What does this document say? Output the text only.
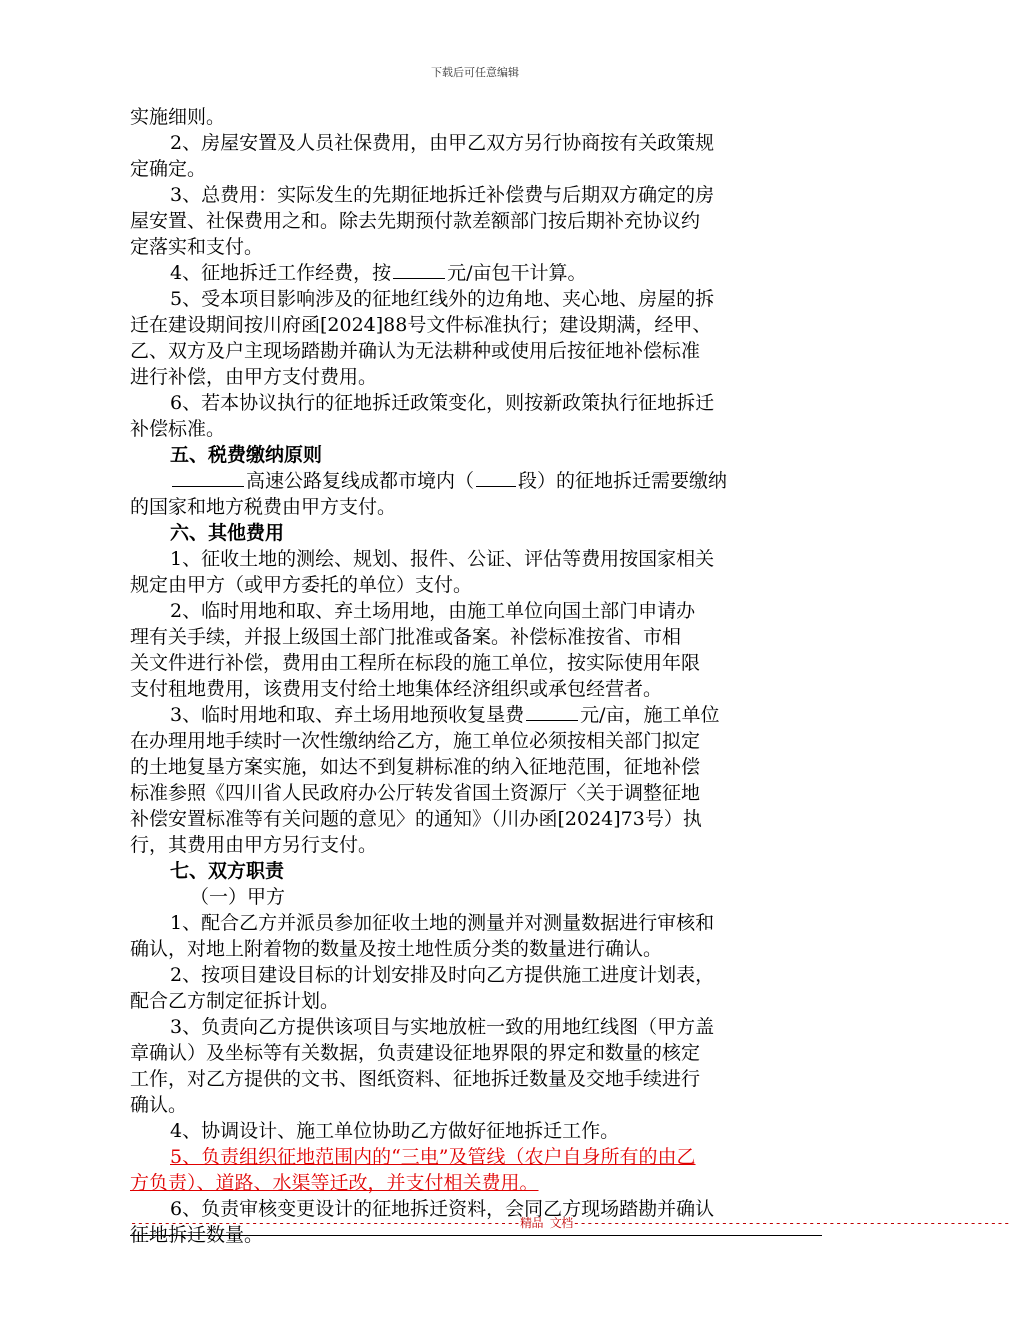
下载后可任意编辑
实施细则。
2、房屋安置及人员社保费用，由甲乙双方另行协商按有关政策规
定确定。
3、总费用：实际发生的先期征地拆迁补偿费与后期双方确定的房
屋安置、社保费用之和。除去先期预付款差额部门按后期补充协议约
定落实和支付。
4、征地拆迁工作经费，按	元/亩包干计算。
5、受本项目影响涉及的征地红线外的边角地、夹心地、房屋的拆
迁在建设期间按川府函[2024]88号文件标准执行；建设期满，经甲、
乙、双方及户主现场踏勘并确认为无法耕种或使用后按征地补偿标准
进行补偿，由甲方支付费用。
6、若本协议执行的征地拆迁政策变化，则按新政策执行征地拆迁
补偿标准。
五、税费缴纳原则
高速公路复线成都市境内（ 段）的征地拆迁需要缴纳
的国家和地方税费由甲方支付。
六、其他费用
1、征收土地的测绘、规划、报件、公证、评估等费用按国家相关
规定由甲方（或甲方委托的单位）支付。
2、临时用地和取、弃土场用地，由施工单位向国土部门申请办
理有关手续，并报上级国土部门批准或备案。补偿标准按省、市相
关文件进行补偿，费用由工程所在标段的施工单位，按实际使用年限
支付租地费用，该费用支付给土地集体经济组织或承包经营者。
3、临时用地和取、弃土场用地预收复垦费	元/亩，施工单位
在办理用地手续时一次性缴纳给乙方，施工单位必须按相关部门拟定
的土地复垦方案实施，如达不到复耕标准的纳入征地范围，征地补偿
标准参照《四川省人民政府办公厅转发省国土资源厅〈关于调整征地
补偿安置标准等有关问题的意见〉的通知》（川办函[2024]73号）执
行，其费用由甲方另行支付。
七、双方职责
（一）甲方
1、配合乙方并派员参加征收土地的测量并对测量数据进行审核和
确认，对地上附着物的数量及按土地性质分类的数量进行确认。
2、按项目建设目标的计划安排及时向乙方提供施工进度计划表，
配合乙方制定征拆计划。
3、负责向乙方提供该项目与实地放桩一致的用地红线图（甲方盖
章确认）及坐标等有关数据，负责建设征地界限的界定和数量的核定
工作，对乙方提供的文书、图纸资料、征地拆迁数量及交地手续进行
确认。
4、协调设计、施工单位协助乙方做好征地拆迁工作。
5、负责组织征地范围内的“三电”及管线（农户自身所有的由乙
方负责）、道路、水渠等迁改，并支付相关费用。
6、负责审核变更设计的征地拆迁资料，会同乙方现场踏勘并确认
征地拆迁数量。
----------------------------------------------------------精品 文档-----------------------------------------------------------------
